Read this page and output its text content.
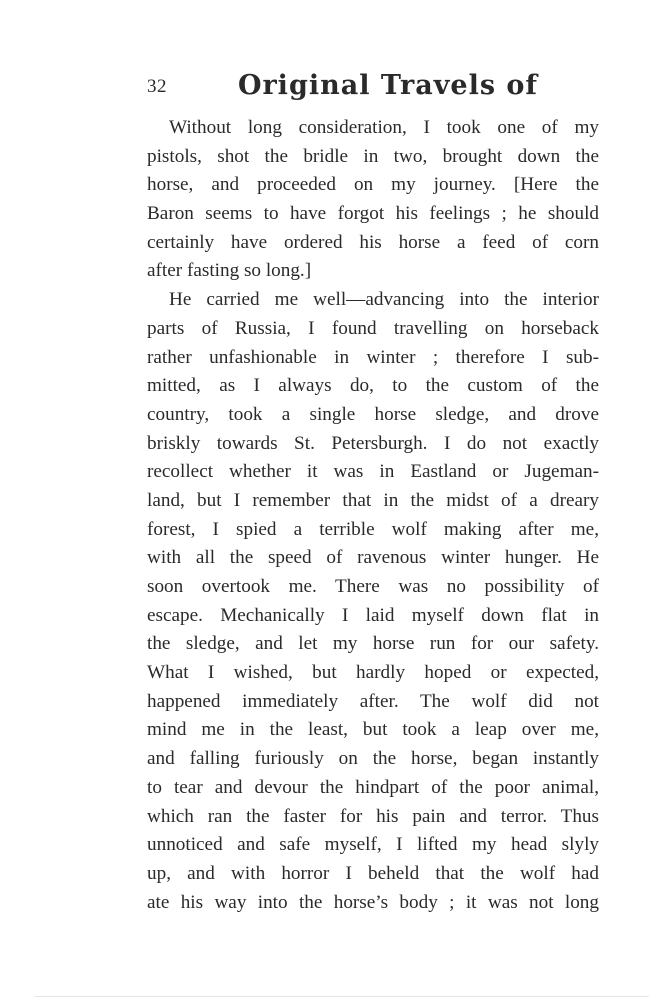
32	Original Travels of
Without long consideration, I took one of my
pistols, shot the bridle in two, brought down the
horse, and proceeded on my journey. [Here the
Baron seems to have forgot his feelings ; he should
certainly have ordered his horse a feed of corn
after fasting so long.]
He carried me well—advancing into the interior
parts of Russia, I found travelling on horseback
rather unfashionable in winter ; therefore I sub-
mitted, as I always do, to the custom of the
country, took a single horse sledge, and drove
briskly towards St. Petersburgh. I do not exactly
recollect whether it was in Eastland or Jugeman-
land, but I remember that in the midst of a dreary
forest, I spied a terrible wolf making after me,
with all the speed of ravenous winter hunger. He
soon overtook me. There was no possibility of
escape. Mechanically I laid myself down flat in
the sledge, and let my horse run for our safety.
What I wished, but hardly hoped or expected,
happened immediately after. The wolf did not
mind me in the least, but took a leap over me,
and falling furiously on the horse, began instantly
to tear and devour the hindpart of the poor animal,
which ran the faster for his pain and terror. Thus
unnoticed and safe myself, I lifted my head slyly
up, and with horror I beheld that the wolf had
ate his way into the horse’s body ; it was not long
